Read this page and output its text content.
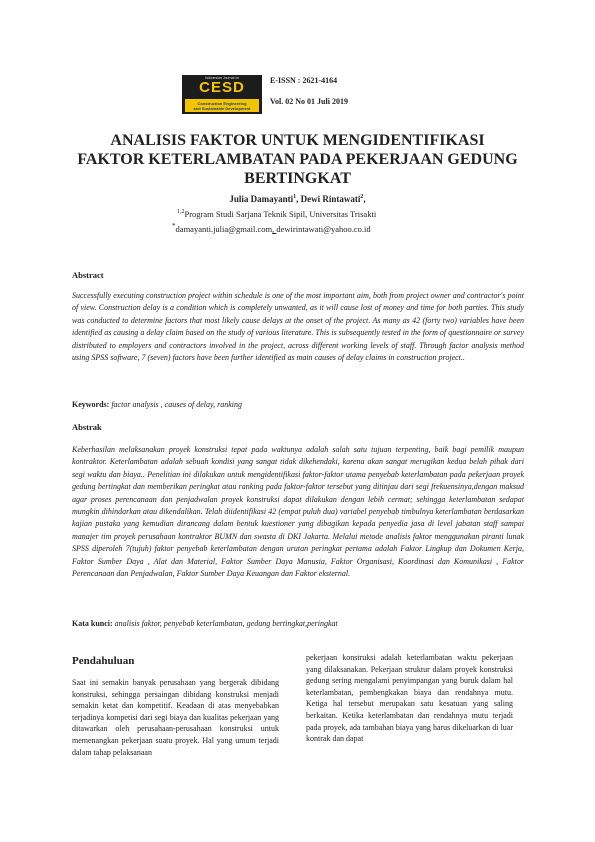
Indonesian Journal on
CESD
Construction Engineering
and Sustainable Development
E-ISSN : 2621-4164
Vol. 02 No 01 Juli 2019
ANALISIS FAKTOR UNTUK MENGIDENTIFIKASI
FAKTOR KETERLAMBATAN PADA PEKERJAAN GEDUNG
BERTINGKAT
Julia Damayanti$^1$, Dewi Rintawati$^2$,
$^{1,2}$Program Studi Sarjana Teknik Sipil, Universitas Trisakti
*damayanti.julia@gmail.com, dewirintawati@yahoo.co.id
Abstract
Successfully executing construction project within schedule is one of the most important aim, both from project owner and contractor's point of view. Construction delay is a condition which is completely unwanted, as it will cause lost of money and time for both parties. This study was conducted to determine factors that most likely cause delays at the onset of the project. As many as 42 (forty two) variables have been identified as causing a delay claim based on the study of various literature. This is subsequently tested in the form of questionnaire or survey distributed to employers and contractors involved in the project, across different working levels of staff. Through factor analysis method using SPSS software, 7 (seven) factors have been further identified as main causes of delay claims in construction project..
Keywords: factor analysis , causes of delay, ranking
Abstrak
Keberhasilan melaksanakan proyek konstruksi tepat pada waktunya adalah salah satu tujuan terpenting, baik bagi pemilik maupun kontraktor. Keterlambatan adalah sebuah kondisi yang sangat tidak dikehendaki, karena akan sangat merugikan kedua belah pihak dari segi waktu dan biaya.. Penelitian ini dilakukan untuk mengidentifikasi faktor-faktor utama penyebab keterlambatan pada pekerjaan proyek gedung bertingkat dan memberikan peringkat atau ranking pada faktor-faktor tersebut yang ditinjau dari segi frekuensinya,dengan maksud agar proses perencanaan dan penjadwalan proyek konstruksi dapat dilakukan dengan lebih cermat; sehingga keterlambatan sedapat mungkin dihindarkan atau dikendalikan. Telah diidentifikasi 42 (empat puluh dua) variabel penyebab timbulnya keterlambatan berdasarkan kajian pustaka yang kemudian dirancang dalam bentuk kuestioner yang dibagikan kepada penyedia jasa di level jabatan staff sampai manajer tim proyek perusahaan kontraktor BUMN dan swasta di DKI Jakarta. Melalui metode analisis faktor menggunakan piranti lunak SPSS diperoleh 7(tujuh) faktor penyebab keterlambatan dengan urutan peringkat pertama adalah Faktor Lingkup dan Dokumen Kerja, Faktor Sumber Daya , Alat dan Material, Faktor Sumber Daya Manusia, Faktor Organisasi, Koordinasi dan Komunikasi , Faktor Perencanaan dan Penjadwalan, Faktor Sumber Daya Keuangan dan Faktor eksternal.
Kata kunci: analisis faktor, penyebab keterlambatan, gedung bertingkat,peringkat
Pendahuluan
Saat ini semakin banyak perusahaan yang bergerak dibidang konstruksi, sehingga persaingan dibidang konstruksi menjadi semakin ketat dan kompetitif. Keadaan di atas menyebabkan terjadinya kompetisi dari segi biaya dan kualitas pekerjaan yang ditawarkan oleh perusahaan-perusahaan konstruksi untuk memenangkan pekerjaan suatu proyek. Hal yang umum terjadi dalam tahap pelaksanaan
pekerjaan konstruksi adalah keterlambatan waktu pekerjaan yang dilaksanakan. Pekerjaan struktur dalam proyek konstruksi gedung sering mengalami penyimpangan yang buruk dalam hal keterlambatan, pembengkakan biaya dan rendahnya mutu. Ketiga hal tersebut merupakan satu kesatuan yang saling berkaitan. Ketika keterlambatan dan rendahnya mutu terjadi pada proyek, ada tambahan biaya yang harus dikeluarkan di luar kontrak dan dapat
